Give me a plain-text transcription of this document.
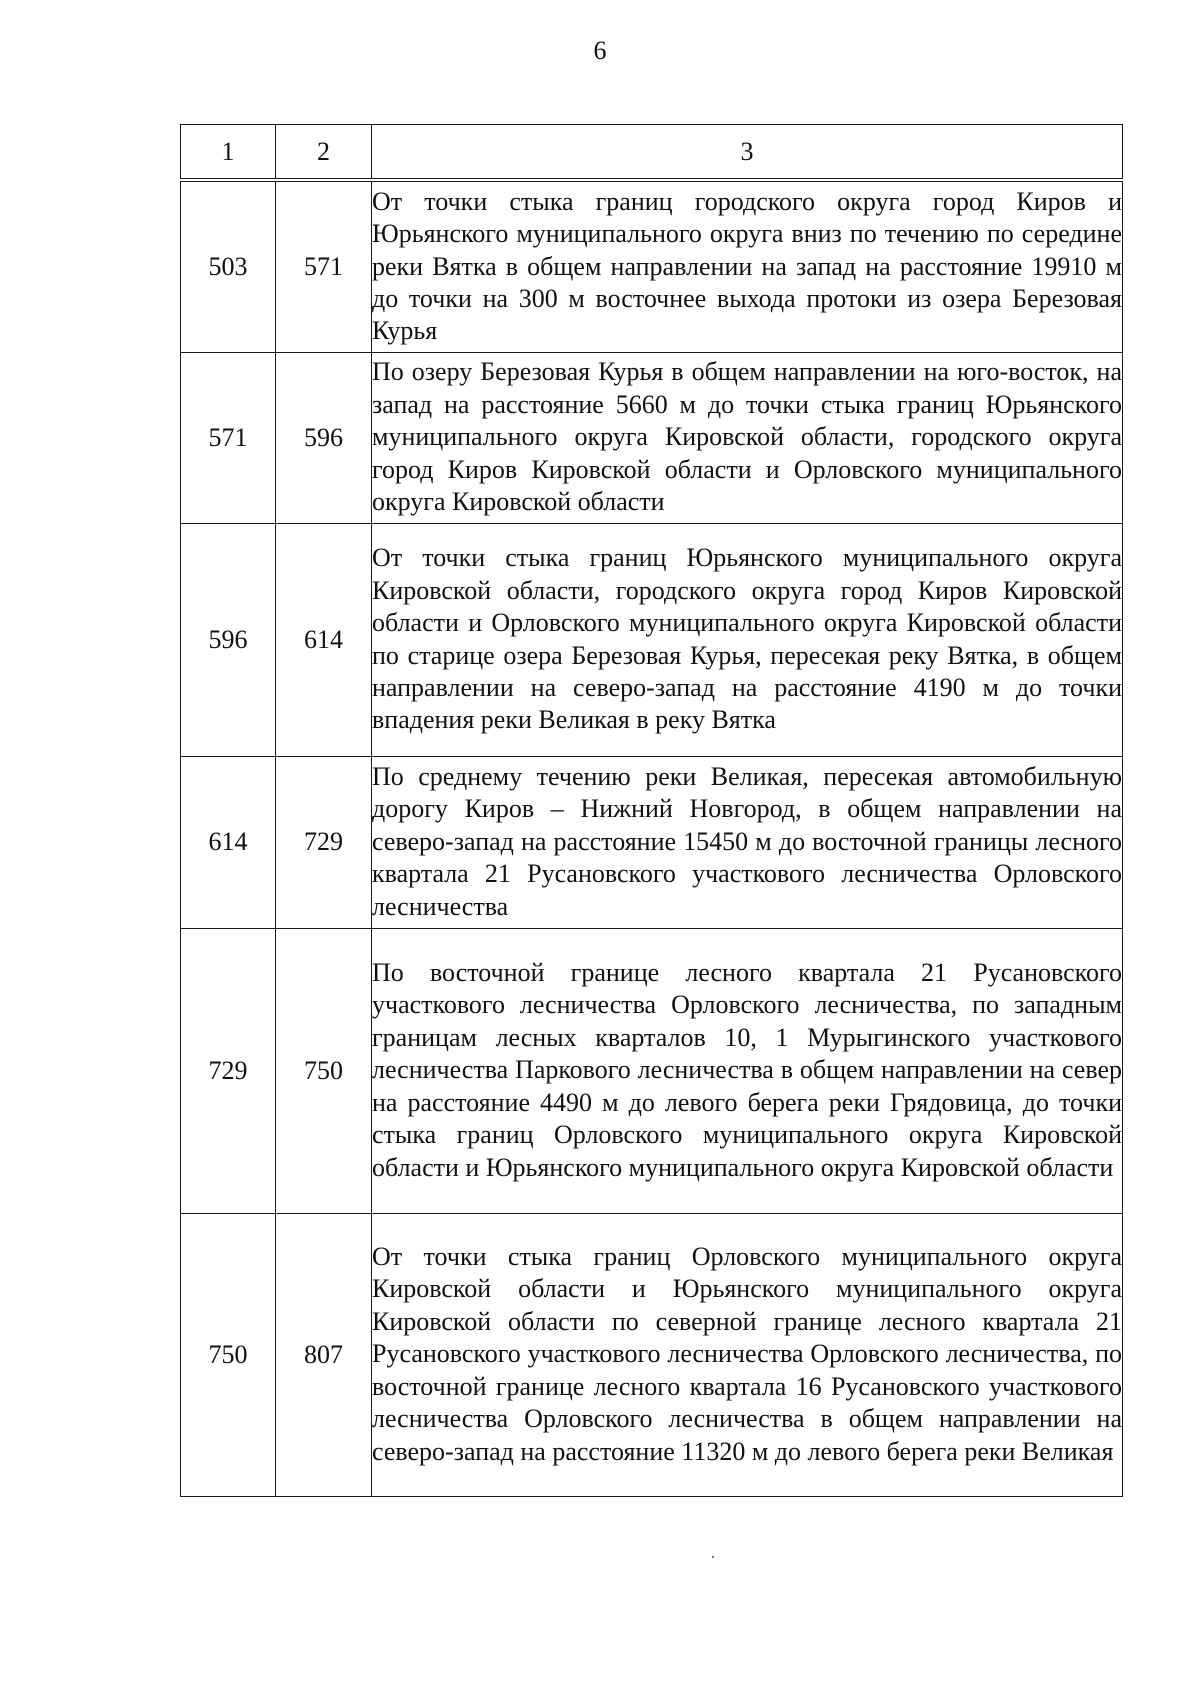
6
1	2	3
503	571	От точки стыка границ городского округа город Киров и Юрьянского муниципального округа вниз по течению по середине реки Вятка в общем направлении на запад на расстояние 19910 м до точки на 300 м восточнее выхода протоки из озера Березовая Курья
571	596	По озеру Березовая Курья в общем направлении на юго-восток, на запад на расстояние 5660 м до точки стыка границ Юрьянского муниципального округа Кировской области, городского округа город Киров Кировской области и Орловского муниципального округа Кировской области
596	614	От точки стыка границ Юрьянского муниципального округа Кировской области, городского округа город Киров Кировской области и Орловского муниципального округа Кировской области по старице озера Березовая Курья, пересекая реку Вятка, в общем направлении на северо-запад на расстояние 4190 м до точки впадения реки Великая в реку Вятка
614	729	По среднему течению реки Великая, пересекая автомобильную дорогу Киров – Нижний Новгород, в общем направлении на северо-запад на расстояние 15450 м до восточной границы лесного квартала 21 Русановского участкового лесничества Орловского лесничества
729	750	По восточной границе лесного квартала 21 Русановского участкового лесничества Орловского лесничества, по западным границам лесных кварталов 10, 1 Мурыгинского участкового лесничества Паркового лесничества в общем направлении на север на расстояние 4490 м до левого берега реки Грядовица, до точки стыка границ Орловского муниципального округа Кировской области и Юрьянского муниципального округа Кировской области
750	807	От точки стыка границ Орловского муниципального округа Кировской области и Юрьянского муниципального округа Кировской области по северной границе лесного квартала 21 Русановского участкового лесничества Орловского лесничества, по восточной границе лесного квартала 16 Русановского участкового лесничества Орловского лесничества в общем направлении на северо-запад на расстояние 11320 м до левого берега реки Великая
